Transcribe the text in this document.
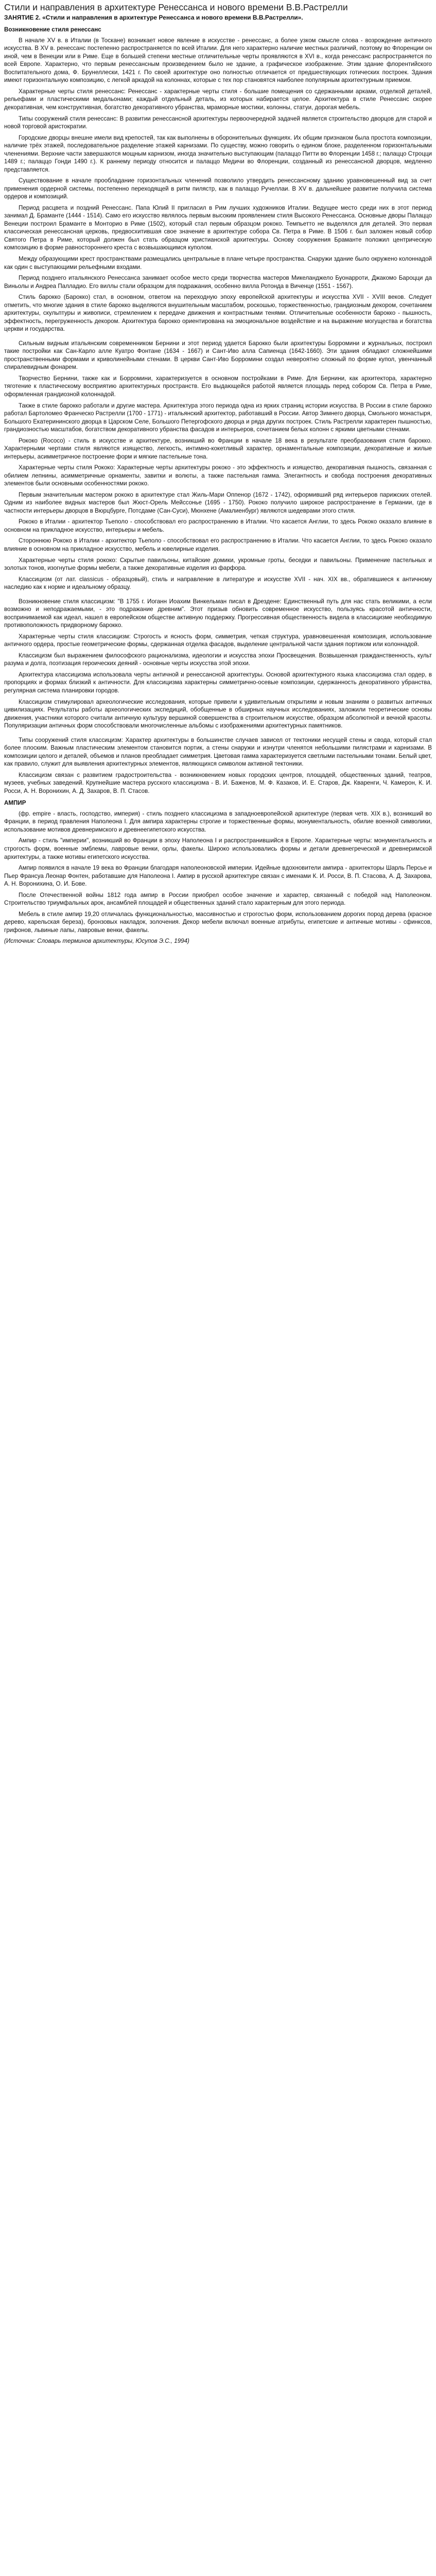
Стили и направления в архитектуре Ренессанса и нового времени В.В.Растрелли
ЗАНЯТИЕ 2. «Стили и направления в архитектуре Ренессанса и нового времени В.В.Растрелли».
Возникновение стиля ренессанс

В начале XV в. в Италии (в Тоскане) возникает новое явление в искусстве - ренессанс, а более узком смысле слова - возрождение античного искусства. В XV в. ренессанс постепенно распространяется по всей Италии. Для него характерно наличие местных различий, поэтому во Флоренции он иной, чем в Венеции или в Риме. Еще в большей степени местные отличительные черты проявляются в XVI в., когда ренессанс распространяется по всей Европе. Характерно, что первым ренессансным произведением было не здание, а графическое изображение. Этим здание флорентийского Воспитательного дома, Ф. Брунеллески, 1421 г. По своей архитектуре оно полностью отличается от предшествующих готических построек. Здания имеют горизонтальную композицию, с легкой аркадой на колоннах, которые с тех пор становятся наиболее популярным архитектурным приемом.

Характерные черты стиля ренессанс: Ренессанс - характерные черты стиля - большие помещения со сдержанными арками, отделкой деталей, рельефами и пластическими медальонами; каждый отдельный деталь, из которых набирается целое. Архитектура в стиле Ренессанс скорее декоративная, чем конструктивная, богатство декоративного убранства, мраморные мостики, колонны, статуи, дорогая мебель.

Типы сооружений стиля ренессанс: В развитии ренессансной архитектуры первоочередной задачей является строительство дворцов для старой и новой торговой аристократии.

Городские дворцы внешне имели вид крепостей, так как выполнены в оборонительных функциях. Их общим признаком была простота композиции, наличие трёх этажей, последовательное разделение этажей карнизами. По существу, можно говорить о едином блоке, разделенном горизонтальными членениями. Верхние части завершаются мощным карнизом, иногда значительно выступающим (палаццо Питти во Флоренции 1458 г.; палаццо Строцци 1489 г.; палаццо Гонди 1490 г.). К раннему периоду относится и палаццо Медичи во Флоренции, созданный из ренессансной дворцов, медленно представляется.

Существование в начале прообладание горизонтальных членений позволило утвердить ренессансному зданию уравновешенный вид за счет применения ордерной системы, постепенно переходящей в ритм пилястр, как в палаццо Ручеллаи. В XV в. дальнейшее развитие получила система ордеров и композиций.

Период расцвета и поздний Ренессанс. Папа Юлий II пригласил в Рим лучших художников Италии. Ведущее место среди них в этот период занимал Д. Браманте (1444 - 1514). Само его искусство являлось первым высоким проявлением стиля Высокого Ренессанса. Основные дворы Палаццо Венеции построил Браманте в Монторио в Риме (1502), который стал первым образцом рококо. Темпьетто не выделялся для деталей. Это первая классическая ренессансная церковь, предвосхитившая свое значение в архитектуре собора Св. Петра в Риме. В 1506 г. был заложен новый собор Святого Петра в Риме, который должен был стать образцом христианской архитектуры. Основу сооружения Браманте положил центрическую композицию в форме равностороннего креста с возвышающимся куполом.

Между образующими крест пространствами размещались центральные в плане четыре пространства. Снаружи здание было окружено колоннадой как один с выступающими рельефными входами.

Период позднего итальянского Ренессанса занимает особое место среди творчества мастеров Микеланджело Буонарроти, Джакомо Бароцци да Виньолы и Андреа Палладио. Его виллы стали образцом для подражания, особенно вилла Ротонда в Виченце (1551 - 1567).

Стиль барокко (Барокко) стал, в основном, ответом на переходную эпоху европейской архитектуры и искусства XVII - XVIII веков. Следует отметить, что многие здания в стиле барокко выделяются внушительным масштабом, роскошью, торжественностью, грандиозным декором, сочетанием архитектуры, скульптуры и живописи, стремлением к передаче движения и контрастными тенями. Отличительные особенности барокко - пышность, эффектность, перегруженность декором. Архитектура барокко ориентирована на эмоциональное воздействие и на выражение могущества и богатства церкви и государства.

Сильным видным итальянским современником Бернини и этот период удается Барокко были архитектуры Борромини и журнальных, построил такие постройки как Сан-Карло алле Куатро Фонтане (1634 - 1667) и Сант-Иво алла Сапиенца (1642-1660). Эти здания обладают сложнейшими пространственными формами и криволинейными стенами. В церкви Сант-Иво Борромини создал невероятно сложный по форме купол, увенчанный спиралевидным фонарем.

Творчество Бернини, также как и Борромини, характеризуется в основном постройками в Риме. Для Бернини, как архитектора, характерно тяготение к пластическому восприятию архитектурных пространств. Его выдающейся работой является площадь перед собором Св. Петра в Риме, оформленная грандиозной колоннадой.

Также в стиле барокко работали и другие мастера. Архитектура этого периода одна из ярких страниц истории искусства. В России в стиле барокко работал Бартоломео Франческо Растрелли (1700 - 1771) - итальянский архитектор, работавший в России. Автор Зимнего дворца, Смольного монастыря, Большого Екатерининского дворца в Царском Селе, Большого Петергофского дворца и ряда других построек. Стиль Растрелли характерен пышностью, грандиозностью масштабов, богатством декоративного убранства фасадов и интерьеров, сочетанием белых колонн с яркими цветными стенами.

Рококо (Rococo) - стиль в искусстве и архитектуре, возникший во Франции в начале 18 века в результате преобразования стиля барокко. Характерными чертами стиля являются изящество, легкость, интимно-кокетливый характер, орнаментальные композиции, декоративные и жилые интерьеры, асимметричное построение форм и мягкие пастельные тона.

Характерные черты стиля Рококо: Характерные черты архитектуры рококо - это эффектность и изящество, декоративная пышность, связанная с обилием лепнины, асимметричные орнаменты, завитки и волюты, а также пастельная гамма. Элегантность и свобода построения декоративных элементов были основными особенностями рококо.

Первым значительным мастером рококо в архитектуре стал Жиль-Мари Оппенор (1672 - 1742), оформивший ряд интерьеров парижских отелей. Одним из наиболее видных мастеров был Жюст-Орель Мейссонье (1695 - 1750). Рококо получило широкое распространение в Германии, где в частности интерьеры дворцов в Вюрцбурге, Потсдаме (Сан-Суси), Мюнхене (Амалиенбург) являются шедеврами этого стиля.

Рококо в Италии - архитектор Тьеполо - способствовал его распространению в Италии. Что касается Англии, то здесь Рококо оказало влияние в основном на прикладное искусство, интерьеры и мебель.

Стороннюю Рококо в Италии - архитектор Тьеполо - способствовал его распространению в Италии. Что касается Англии, то здесь Рококо оказало влияние в основном на прикладное искусство, мебель и ювелирные изделия.

Характерные черты стиля рококо: Скрытые павильоны, китайские домики, укромные гроты, беседки и павильоны. Применение пастельных и золотых тонов, изогнутые формы мебели, а также декоративные изделия из фарфора.

Классицизм (от лат. classicus - образцовый), стиль и направление в литературе и искусстве XVII - нач. XIX вв., обратившиеся к античному наследию как к норме и идеальному образцу.

Возникновение стиля классицизм: "В 1755 г. Иоганн Иоахим Винкельман писал в Дрездене: Единственный путь для нас стать великими, а если возможно и неподражаемыми, - это подражание древним". Этот призыв обновить современное искусство, пользуясь красотой античности, воспринимаемой как идеал, нашел в европейском обществе активную поддержку. Прогрессивная общественность видела в классицизме необходимую противоположность придворному барокко.

Характерные черты стиля классицизм: Строгость и ясность форм, симметрия, четкая структура, уравновешенная композиция, использование античного ордера, простые геометрические формы, сдержанная отделка фасадов, выделение центральной части здания портиком или колоннадой.

Классицизм был выражением философского рационализма, идеологии и искусства эпохи Просвещения. Возвышенная гражданственность, культ разума и долга, поэтизация героических деяний - основные черты искусства этой эпохи.

Архитектура классицизма использовала черты античной и ренессансной архитектуры. Основой архитектурного языка классицизма стал ордер, в пропорциях и формах близкий к античности. Для классицизма характерны симметрично-осевые композиции, сдержанность декоративного убранства, регулярная система планировки городов.

Классицизм стимулировал археологические исследования, которые привели к удивительным открытиям и новым знаниям о развитых античных цивилизациях. Результаты работы археологических экспедиций, обобщенные в обширных научных исследованиях, заложили теоретические основы движения, участники которого считали античную культуру вершиной совершенства в строительном искусстве, образцом абсолютной и вечной красоты. Популяризации античных форм способствовали многочисленные альбомы с изображениями архитектурных памятников.

Типы сооружений стиля классицизм: Характер архитектуры в большинстве случаев зависел от тектоники несущей стены и свода, который стал более плоским. Важным пластическим элементом становится портик, а стены снаружи и изнутри членятся небольшими пилястрами и карнизами. В композиции целого и деталей, объемов и планов преобладает симметрия. Цветовая гамма характеризуется светлыми пастельными тонами. Белый цвет, как правило, служит для выявления архитектурных элементов, являющихся символом активной тектоники.

Классицизм связан с развитием градостроительства - возникновением новых городских центров, площадей, общественных зданий, театров, музеев, учебных заведений. Крупнейшие мастера русского классицизма - В. И. Баженов, М. Ф. Казаков, И. Е. Старов, Дж. Кваренги, Ч. Камерон, К. И. Росси, А. Н. Воронихин, А. Д. Захаров, В. П. Стасов.

АМПИР

(фр. empire - власть, господство, империя) - стиль позднего классицизма в западноевропейской архитектуре (первая четв. XIX в.), возникший во Франции, в период правления Наполеона I. Для ампира характерны строгие и торжественные формы, монументальность, обилие военной символики, использование мотивов древнеримского и древнеегипетского искусства.

Ампир - стиль "империи", возникший во Франции в эпоху Наполеона I и распространившийся в Европе. Характерные черты: монументальность и строгость форм, военные эмблемы, лавровые венки, орлы, факелы. Широко использовались формы и детали древнегреческой и древнеримской архитектуры, а также мотивы египетского искусства.

Ампир появился в начале 19 века во Франции благодаря наполеоновской империи. Идейные вдохновители ампира - архитекторы Шарль Персье и Пьер Франсуа Леонар Фонтен, работавшие для Наполеона I. Ампир в русской архитектуре связан с именами К. И. Росси, В. П. Стасова, А. Д. Захарова, А. Н. Воронихина, О. И. Бове.

После Отечественной войны 1812 года ампир в России приобрел особое значение и характер, связанный с победой над Наполеоном. Строительство триумфальных арок, ансамблей площадей и общественных зданий стало характерным для этого периода.

Мебель в стиле ампир 19,20 отличалась функциональностью, массивностью и строгостью форм, использованием дорогих пород дерева (красное дерево, карельская береза), бронзовых накладок, золочения. Декор мебели включал военные атрибуты, египетские и античные мотивы - сфинксов, грифонов, львиные лапы, лавровые венки, факелы.

(Источник: Словарь терминов архитектуры, Юсупов Э.С., 1994)
